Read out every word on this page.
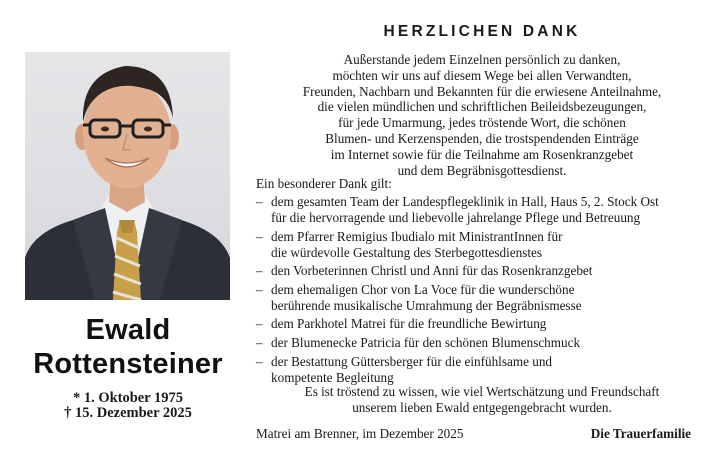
Ewald
Rottensteiner
* 1. Oktober 1975
† 15. Dezember 2025
HERZLICHEN DANK
Außerstande jedem Einzelnen persönlich zu danken,
möchten wir uns auf diesem Wege bei allen Verwandten,
Freunden, Nachbarn und Bekannten für die erwiesene Anteilnahme,
die vielen mündlichen und schriftlichen Beileidsbezeugungen,
für jede Umarmung, jedes tröstende Wort, die schönen
Blumen- und Kerzenspenden, die trostspendenden Einträge
im Internet sowie für die Teilnahme am Rosenkranzgebet
und dem Begräbnisgottesdienst.
Ein besonderer Dank gilt:
– dem gesamten Team der Landespflegeklinik in Hall, Haus 5, 2. Stock Ost
für die hervorragende und liebevolle jahrelange Pflege und Betreuung
– dem Pfarrer Remigius Ibudialo mit MinistrantInnen für
die würdevolle Gestaltung des Sterbegottesdienstes
– den Vorbeterinnen Christl und Anni für das Rosenkranzgebet
– dem ehemaligen Chor von La Voce für die wunderschöne
berührende musikalische Umrahmung der Begräbnismesse
– dem Parkhotel Matrei für die freundliche Bewirtung
– der Blumenecke Patricia für den schönen Blumenschmuck
– der Bestattung Güttersberger für die einfühlsame und
kompetente Begleitung
Es ist tröstend zu wissen, wie viel Wertschätzung und Freundschaft
unserem lieben Ewald entgegengebracht wurden.
Matrei am Brenner, im Dezember 2025	Die Trauerfamilie
